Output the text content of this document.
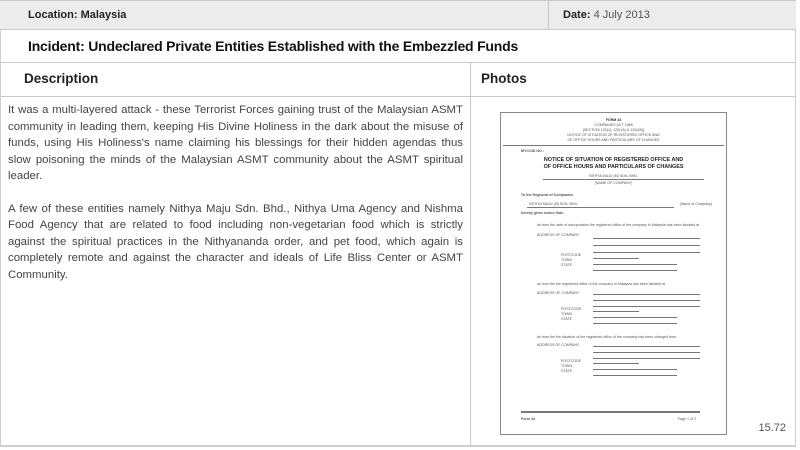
Location: Malaysia	Date: 4 July 2013
Incident: Undeclared Private Entities Established with the Embezzled Funds
Description	Photos

It was a multi-layered attack - these Terrorist Forces gaining trust of the Malaysian ASMT community in leading them, keeping His Divine Holiness in the dark about the misuse of funds, using His Holiness's name claiming his blessings for their hidden agendas thus slow poisoning the minds of the Malaysian ASMT community about the ASMT spiritual leader.

A few of these entities namely Nithya Maju Sdn. Bhd., Nithya Uma Agency and Nishma Food Agency that are related to food including non-vegetarian food which is strictly against the spiritual practices in the Nithyananda order, and pet food, which again is completely remote and against the character and ideals of Life Bliss Center or ASMT Community.

FORM 44
COMPANIES ACT 1965
[SECTION 120(1), 120(1A) & 120(1B)]
NOTICE OF SITUATION OF REGISTERED OFFICE AND
OF OFFICE HOURS AND PARTICULARS OF CHANGES
MYCOID NO.:
NOTICE OF SITUATION OF REGISTERED OFFICE AND
OF OFFICE HOURS AND PARTICULARS OF CHANGES
NITHYA MAJU (M) SDN. BHD.
(NAME OF COMPANY)
To the Registrar of Companies
NITHYA MAJU (M) SDN. BHD.	(Name of Company)
hereby gives notice that:-
as from the date of incorporation the registered office of the company in Malaysia has been situated at
ADDRESS OF COMPANY
POSTCODE
TOWN
STATE
as from the the registered office of the company in Malaysia has been situated at
ADDRESS OF COMPANY
POSTCODE
TOWN
STATE
as from the the situation of the registered office of the company has been changed from
ADDRESS OF COMPANY
POSTCODE
TOWN
STATE
Form 44	Page 1 of 2
15.72
